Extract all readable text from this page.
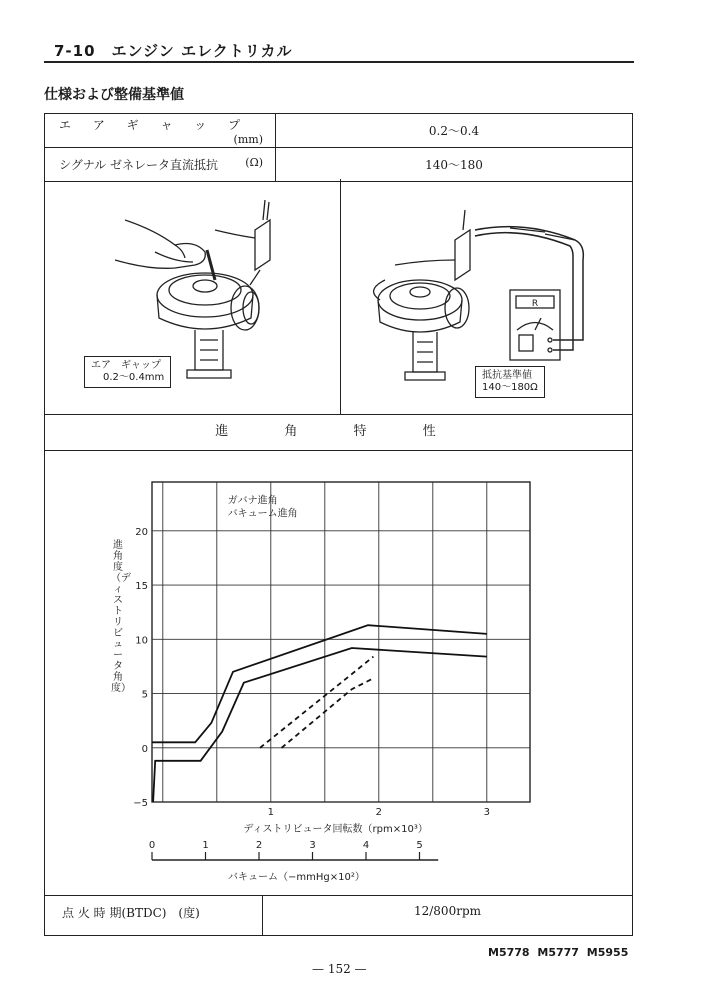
7-10　エンジン エレクトリカル
仕様および整備基準値
エ ア ギ ャ ッ プ
(mm)	0.2〜0.4
シグナル ゼネレータ直流抵抗 (Ω)	140〜180
エア　ギャップ
0.2〜0.4mm
R
抵抗基準値
140〜180Ω
進 角 特 性
進角度（ディストリビュータ角度）
20
15
10
5
0
−5
1	2	3
ディストリビュータ回転数（rpm×10³）
0	1	2	3	4	5
バキューム（−mmHg×10²）
ガバナ進角
バキューム進角
点 火 時 期(BTDC)　(度)	12/800rpm
M5778 M5777 M5955
— 152 —
